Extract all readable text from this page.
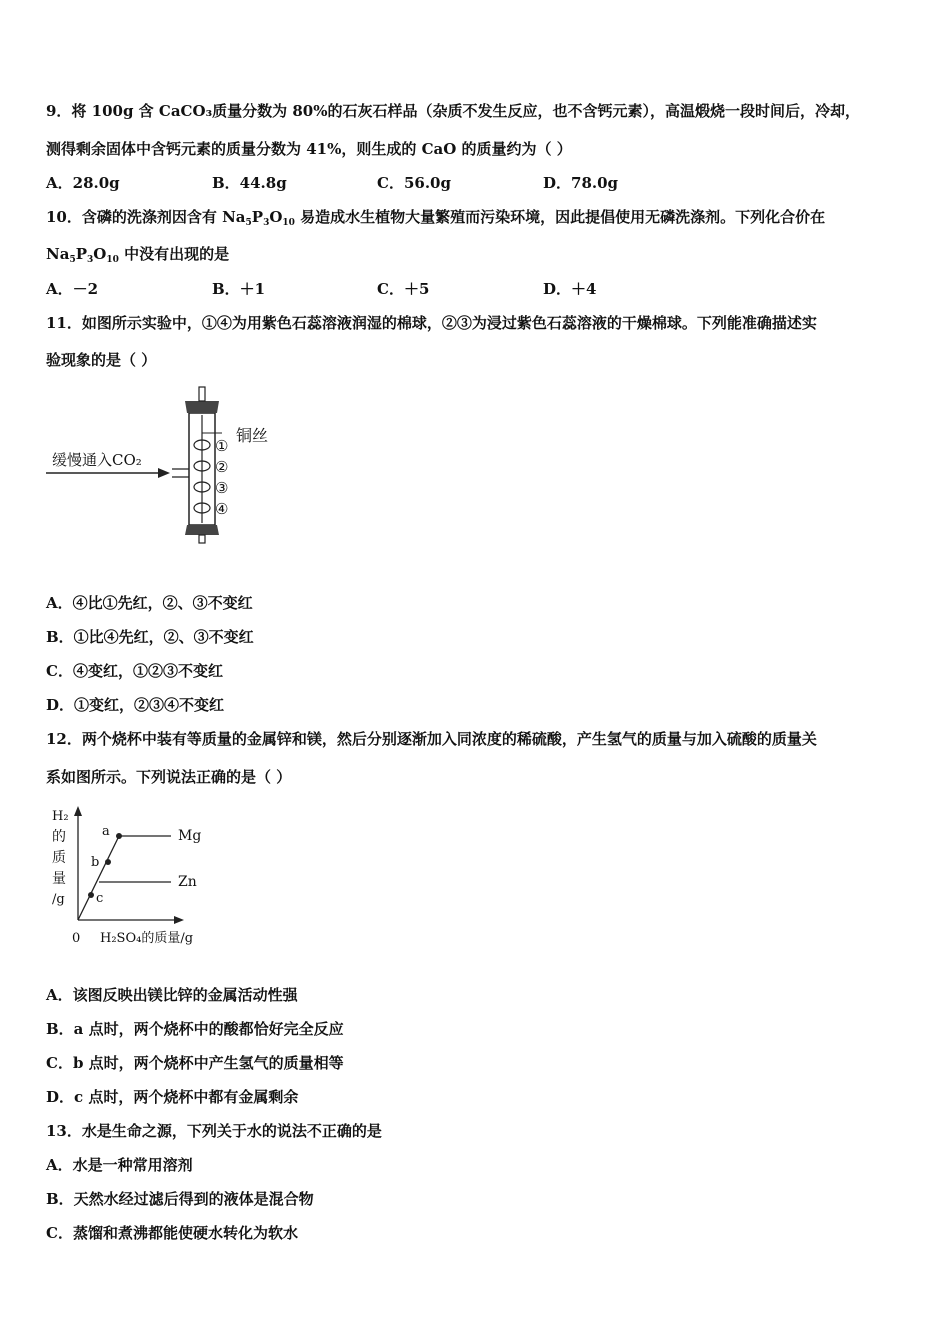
9．将 100g 含 CaCO₃质量分数为 80%的石灰石样品（杂质不发生反应，也不含钙元素），高温煅烧一段时间后，冷却，
测得剩余固体中含钙元素的质量分数为 41%，则生成的 CaO 的质量约为（ ）
A．28.0g	B．44.8g	C．56.0g	D．78.0g
10．含磷的洗涤剂因含有 $Na_5P_3O_{10}$ 易造成水生植物大量繁殖而污染环境，因此提倡使用无磷洗涤剂。下列化合价在
$Na_5P_3O_{10}$ 中没有出现的是
A．－2	B．＋1	C．＋5	D．＋4
11．如图所示实验中，①④为用紫色石蕊溶液润湿的棉球，②③为浸过紫色石蕊溶液的干燥棉球。下列能准确描述实
验现象的是（ ）
缓慢通入CO₂
铜丝
①
②
③
④
A．④比①先红，②、③不变红
B．①比④先红，②、③不变红
C．④变红，①②③不变红
D．①变红，②③④不变红
12．两个烧杯中装有等质量的金属锌和镁，然后分别逐渐加入同浓度的稀硫酸，产生氢气的质量与加入硫酸的质量关
系如图所示。下列说法正确的是（ ）
a
b
c
Mg
Zn
H₂
的
质
量
/g
0 H₂SO₄的质量/g
A．该图反映出镁比锌的金属活动性强
B．a 点时，两个烧杯中的酸都恰好完全反应
C．b 点时，两个烧杯中产生氢气的质量相等
D．c 点时，两个烧杯中都有金属剩余
13．水是生命之源，下列关于水的说法不正确的是
A．水是一种常用溶剂
B．天然水经过滤后得到的液体是混合物
C．蒸馏和煮沸都能使硬水转化为软水
